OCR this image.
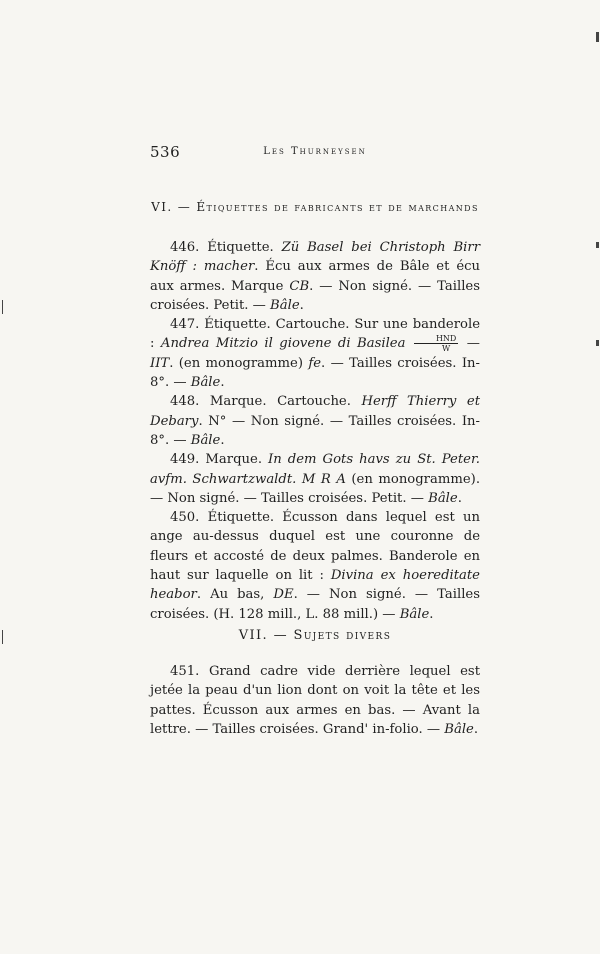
536	Les Thurneysen
VI. — Étiquettes de fabricants et de marchands

446. Étiquette. Zü Basel bei Christoph Birr Knöff : macher. Écu aux armes de Bâle et écu aux armes. Marque CB. — Non signé. — Tailles croisées. Petit. — Bâle.

447. Étiquette. Cartouche. Sur une banderole : Andrea Mitzio il giovene di Basilea	HND
W — IIT. (en monogramme) fe. — Tailles croisées. In-8°. — Bâle.

448. Marque. Cartouche. Herff Thierry et Debary. N° — Non signé. — Tailles croisées. In-8°. — Bâle.

449. Marque. In dem Gots havs zu St. Peter. avfm. Schwartzwaldt. M R A (en monogramme). — Non signé. — Tailles croisées. Petit. — Bâle.

450. Étiquette. Écusson dans lequel est un ange au-dessus duquel est une couronne de fleurs et accosté de deux palmes. Banderole en haut sur laquelle on lit : Divina ex hoereditate heabor. Au bas, DE. — Non signé. — Tailles croisées. (H. 128 mill., L. 88 mill.) — Bâle.

VII. — Sujets divers

451. Grand cadre vide derrière lequel est jetée la peau d'un lion dont on voit la tête et les pattes. Écusson aux armes en bas. — Avant la lettre. — Tailles croisées. Grand' in-folio. — Bâle.
